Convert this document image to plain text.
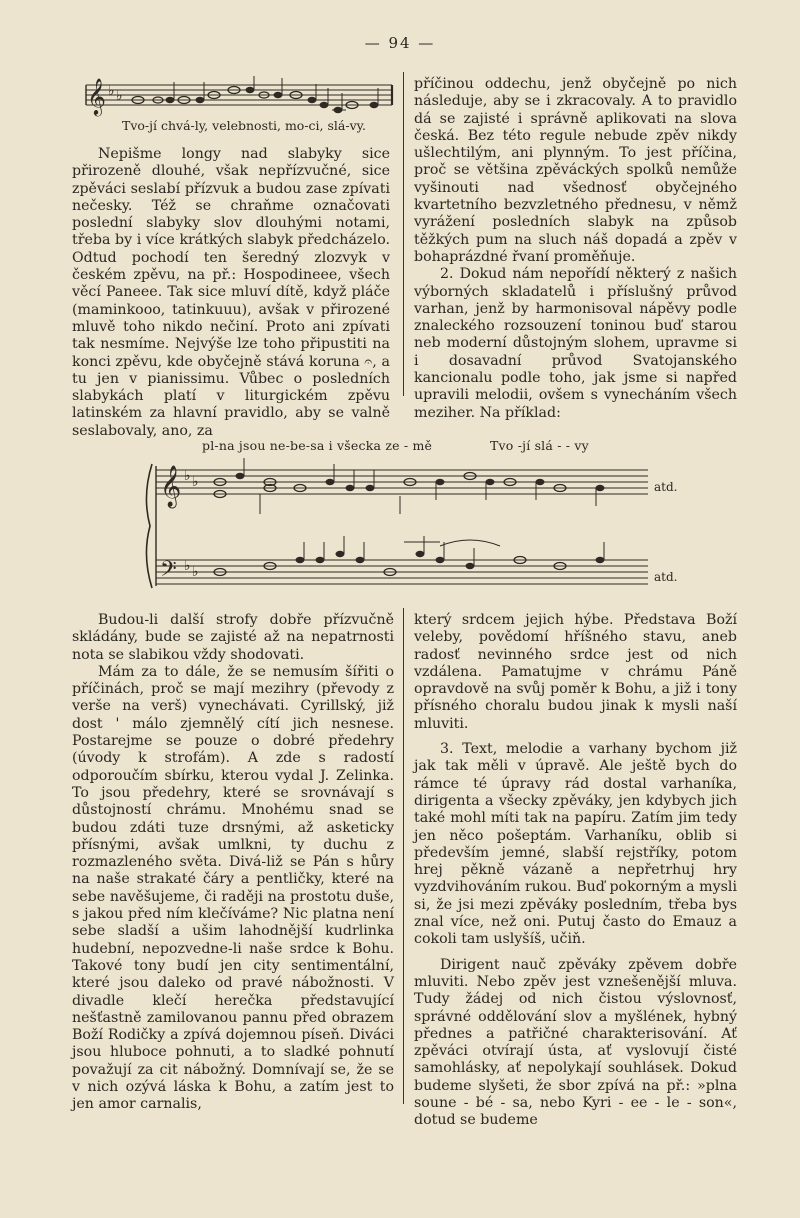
— 94 —
𝄞 ♭ ♭
Tvo-jí chvá-ly, velebnosti, mo-ci, slá-vy.

Nepišme longy nad slabyky sice přirozeně dlouhé, však nepřízvučné, sice zpěváci seslabí přízvuk a budou zase zpívati nečesky. Též se chraňme označovati poslední slabyky slov dlouhými notami, třeba by i více krátkých slabyk předcházelo. Odtud pochodí ten šeredný zlozvyk v českém zpěvu, na př.: Hospodineee, všech věcí Paneee. Tak sice mluví dítě, když pláče (maminkooo, tatinkuuu), avšak v přirozené mluvě toho nikdo nečiní. Proto ani zpívati tak nesmíme. Nejvýše lze toho připustiti na konci zpěvu, kde obyčejně stává koruna 𝄐, a tu jen v pianissimu. Vůbec o posledních slabykách platí v liturgickém zpěvu latinském za hlavní pravidlo, aby se valně seslabovaly, ano, za

příčinou oddechu, jenž obyčejně po nich následuje, aby se i zkracovaly. A to pravidlo dá se zajisté i správně aplikovati na slova česká. Bez této regule nebude zpěv nikdy ušlechtilým, ani plynným. To jest příčina, proč se většina zpěváckých spolků nemůže vyšinouti nad všednosť obyčejného kvartetního bezvzletného přednesu, v němž vyrážení posledních slabyk na způsob těžkých pum na sluch náš dopadá a zpěv v bohaprázdné řvaní proměňuje.

2. Dokud nám nepořídí některý z našich výborných skladatelů i příslušný průvod varhan, jenž by harmonisoval nápěvy podle znaleckého rozsouzení toninou buď starou neb moderní důstojným slohem, upravme si i dosavadní průvod Svatojanského kancionalu podle toho, jak jsme si napřed upravili melodii, ovšem s vynecháním všech meziher. Na příklad:

pl-na jsou ne-be-sa i všecka ze - mě	Tvo -jí slá - - vy
𝄞
𝄢
♭ ♭
♭ ♭
atd.
atd.

Budou-li další strofy dobře přízvučně skládány, bude se zajisté až na nepatrnosti nota se slabikou vždy shodovati.

Mám za to dále, že se nemusím šířiti o příčinách, proč se mají mezihry (převody z verše na verš) vynechávati. Cyrillský, již dost ' málo zjemnělý cítí jich nesnese. Postarejme se pouze o dobré předehry (úvody k strofám). A zde s radostí odporoučím sbírku, kterou vydal J. Zelinka. To jsou předehry, které se srovnávají s důstojností chrámu. Mnohému snad se budou zdáti tuze drsnými, až asketicky přísnými, avšak umlkni, ty duchu z rozmazleného světa. Divá-liž se Pán s hůry na naše strakaté čáry a pentličky, které na sebe navěšujeme, či raději na prostotu duše, s jakou před ním klečíváme? Nic platna není sebe sladší a ušim lahodnější kudrlinka hudební, nepozvedne-li naše srdce k Bohu. Takové tony budí jen city sentimentální, které jsou daleko od pravé nábožnosti. V divadle klečí herečka představující nešťastně zamilovanou pannu před obrazem Boží Rodičky a zpívá dojemnou píseň. Diváci jsou hluboce pohnuti, a to sladké pohnutí považují za cit nábožný. Domnívají se, že se v nich ozývá láska k Bohu, a zatím jest to jen amor carnalis,

který srdcem jejich hýbe. Představa Boží veleby, povědomí hříšného stavu, aneb radosť nevinného srdce jest od nich vzdálena. Pamatujme v chrámu Páně opravdově na svůj poměr k Bohu, a již i tony přísného choralu budou jinak k mysli naší mluviti.

3. Text, melodie a varhany bychom již jak tak měli v úpravě. Ale ještě bych do rámce té úpravy rád dostal varhaníka, dirigenta a všecky zpěváky, jen kdybych jich také mohl míti tak na papíru. Zatím jim tedy jen něco pošeptám. Varhaníku, oblib si především jemné, slabší rejstříky, potom hrej pěkně vázaně a nepřetrhuj hry vyzdvihováním rukou. Buď pokorným a mysli si, že jsi mezi zpěváky posledním, třeba bys znal více, než oni. Putuj často do Emauz a cokoli tam uslyšíš, učiň.

Dirigent nauč zpěváky zpěvem dobře mluviti. Nebo zpěv jest vznešenější mluva. Tudy žádej od nich čistou výslovnosť, správné oddělování slov a myšlének, hybný přednes a patřičné charakterisování. Ať zpěváci otvírají ústa, ať vyslovují čisté samohlásky, ať nepolykají souhlásek. Dokud budeme slyšeti, že sbor zpívá na př.: »plna soune - bé - sa, nebo Kyri - ee - le - son«, dotud se budeme
